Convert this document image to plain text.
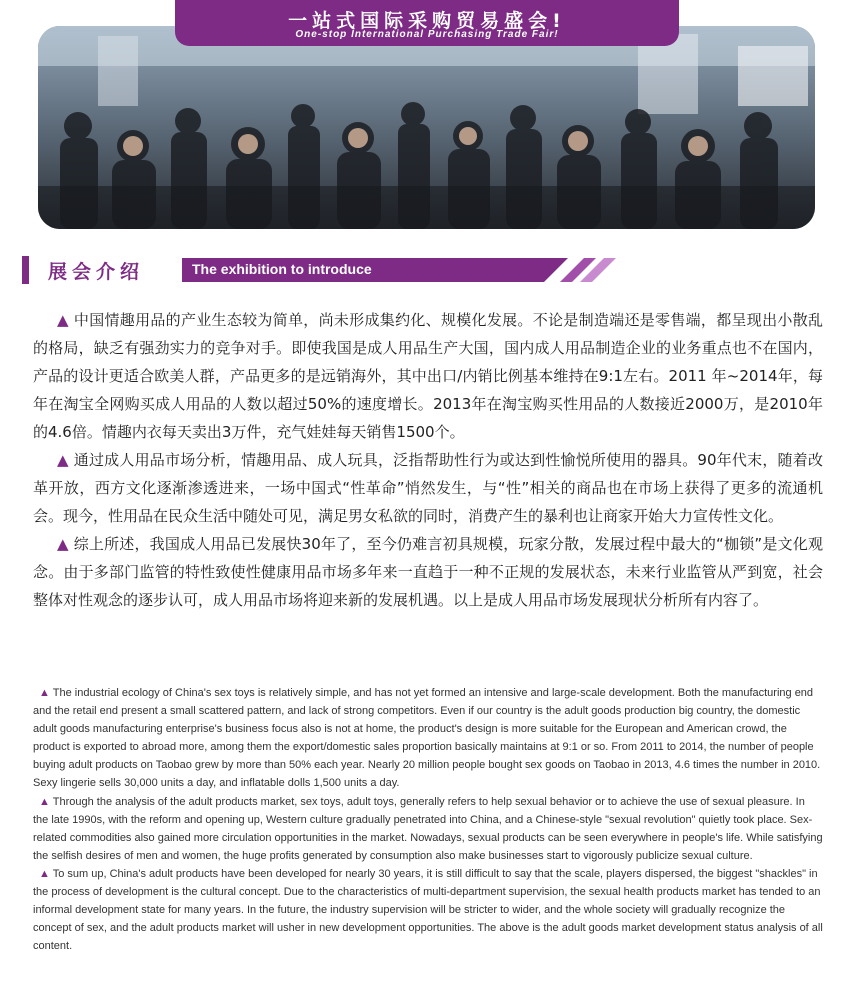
一站式国际采购贸易盛会!
One-stop International Purchasing Trade Fair!
展会介绍	The exhibition to introduce

▲ 中国情趣用品的产业生态较为简单，尚未形成集约化、规模化发展。不论是制造端还是零售端，都呈现出小散乱的格局，缺乏有强劲实力的竞争对手。即使我国是成人用品生产大国，国内成人用品制造企业的业务重点也不在国内，产品的设计更适合欧美人群，产品更多的是远销海外，其中出口/内销比例基本维持在9:1左右。2011 年~2014年，每年在淘宝全网购买成人用品的人数以超过50%的速度增长。2013年在淘宝购买性用品的人数接近2000万，是2010年的4.6倍。情趣内衣每天卖出3万件，充气娃娃每天销售1500个。

▲ 通过成人用品市场分析，情趣用品、成人玩具，泛指帮助性行为或达到性愉悦所使用的器具。90年代末，随着改革开放，西方文化逐渐渗透进来，一场中国式“性革命”悄然发生，与“性”相关的商品也在市场上获得了更多的流通机会。现今，性用品在民众生活中随处可见，满足男女私欲的同时，消费产生的暴利也让商家开始大力宣传性文化。

▲ 综上所述，我国成人用品已发展快30年了，至今仍难言初具规模，玩家分散，发展过程中最大的“枷锁”是文化观念。由于多部门监管的特性致使性健康用品市场多年来一直趋于一种不正规的发展状态，未来行业监管从严到宽，社会整体对性观念的逐步认可，成人用品市场将迎来新的发展机遇。以上是成人用品市场发展现状分析所有内容了。

▲ The industrial ecology of China's sex toys is relatively simple, and has not yet formed an intensive and large-scale development. Both the manufacturing end and the retail end present a small scattered pattern, and lack of strong competitors. Even if our country is the adult goods production big country, the domestic adult goods manufacturing enterprise's business focus also is not at home, the product's design is more suitable for the European and American crowd, the product is exported to abroad more, among them the export/domestic sales proportion basically maintains at 9:1 or so. From 2011 to 2014, the number of people buying adult products on Taobao grew by more than 50% each year. Nearly 20 million people bought sex goods on Taobao in 2013, 4.6 times the number in 2010. Sexy lingerie sells 30,000 units a day, and inflatable dolls 1,500 units a day.

▲ Through the analysis of the adult products market, sex toys, adult toys, generally refers to help sexual behavior or to achieve the use of sexual pleasure. In the late 1990s, with the reform and opening up, Western culture gradually penetrated into China, and a Chinese-style "sexual revolution" quietly took place. Sex-related commodities also gained more circulation opportunities in the market. Nowadays, sexual products can be seen everywhere in people's life. While satisfying the selfish desires of men and women, the huge profits generated by consumption also make businesses start to vigorously publicize sexual culture.

▲ To sum up, China's adult products have been developed for nearly 30 years, it is still difficult to say that the scale, players dispersed, the biggest "shackles" in the process of development is the cultural concept. Due to the characteristics of multi-department supervision, the sexual health products market has tended to an informal development state for many years. In the future, the industry supervision will be stricter to wider, and the whole society will gradually recognize the concept of sex, and the adult products market will usher in new development opportunities. The above is the adult goods market development status analysis of all content.
